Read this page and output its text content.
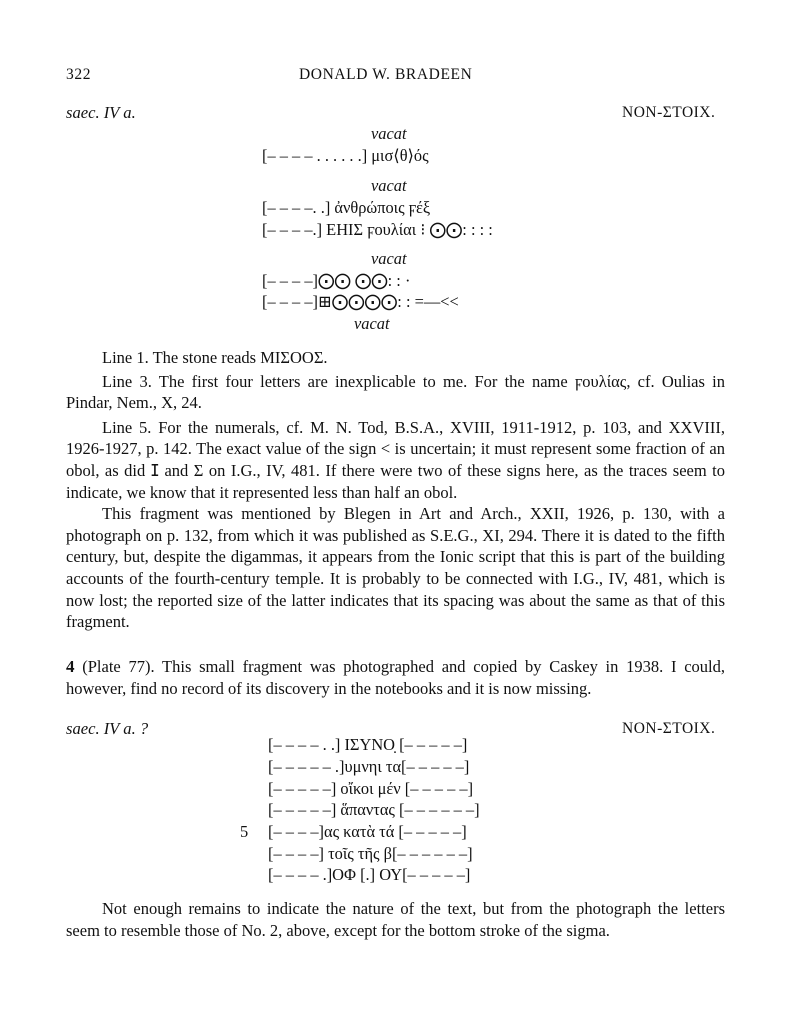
322	DONALD W. BRADEEN
saec. IV a.	NON-ΣΤΟΙΧ.
vacat
[– – – – . . . . . .] μισ⟨θ⟩ός
vacat
[– – – –. .] ἀνθρώποις ϝέξ
[– – – –.] ΕΗΙΣ ϝουλίαι ⁝ ⨀⨀: : : :
vacat
[– – – –]⨀⨀ ⨀⨀: : ·
[– – – –]⊞⨀⨀⨀⨀: : =—<<
vacat

Line 1. The stone reads ΜΙΣΟΟΣ.

Line 3. The first four letters are inexplicable to me. For the name ϝουλίας, cf. Oulias in Pindar, Nem., X, 24.

Line 5. For the numerals, cf. M. N. Tod, B.S.A., XVIII, 1911-1912, p. 103, and XXVIII, 1926-1927, p. 142. The exact value of the sign < is uncertain; it must represent some fraction of an obol, as did ⵊ and Σ on I.G., IV, 481. If there were two of these signs here, as the traces seem to indicate, we know that it represented less than half an obol.

This fragment was mentioned by Blegen in Art and Arch., XXII, 1926, p. 130, with a photograph on p. 132, from which it was published as S.E.G., XI, 294. There it is dated to the fifth century, but, despite the digammas, it appears from the Ionic script that this is part of the building accounts of the fourth-century temple. It is probably to be connected with I.G., IV, 481, which is now lost; the reported size of the latter indicates that its spacing was about the same as that of this fragment.

4 (Plate 77). This small fragment was photographed and copied by Caskey in 1938. I could, however, find no record of its discovery in the notebooks and it is now missing.

saec. IV a. ?	NON-ΣΤΟΙΧ.
[– – – – . .] ΙΣΥΝΟ̣ [– – – – –]
[– – – – – .]υμνηι τα[– – – – –]
[– – – – –] οἴκοι μέν [– – – – –]
[– – – – –] ἅπαντας [– – – – – –]
5 [– – – –]ας κατὰ τά [– – – – –]
[– – – –] τοῖς τῆς β[– – – – – –]
[– – – – .]ΟΦ [.] ΟΥ[– – – – –]

Not enough remains to indicate the nature of the text, but from the photograph the letters seem to resemble those of No. 2, above, except for the bottom stroke of the sigma.
